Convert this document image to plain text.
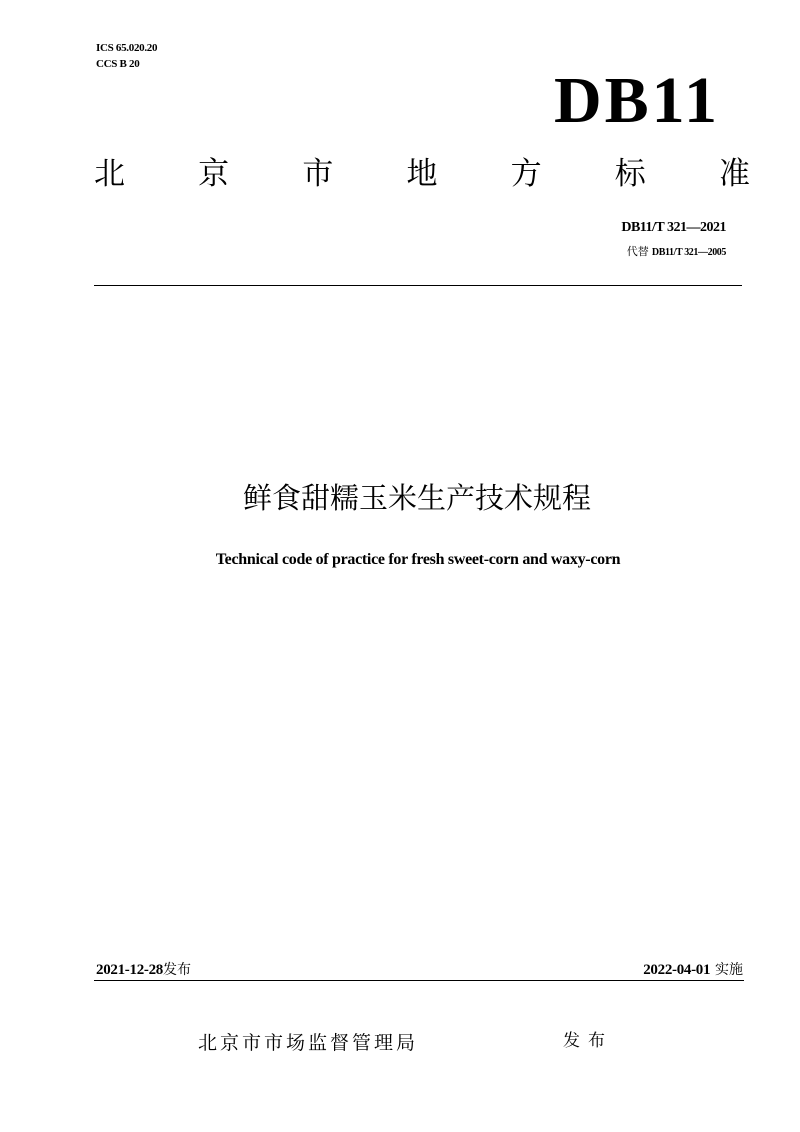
ICS 65.020.20
CCS B 20	DB11
北 京 市 地 方 标 准
DB11/T 321—2021
代替 DB11/T 321—2005
鲜食甜糯玉米生产技术规程
Technical code of practice for fresh sweet-corn and waxy-corn
2021-12-28发布	2022-04-01 实施
北京市市场监督管理局	发布
